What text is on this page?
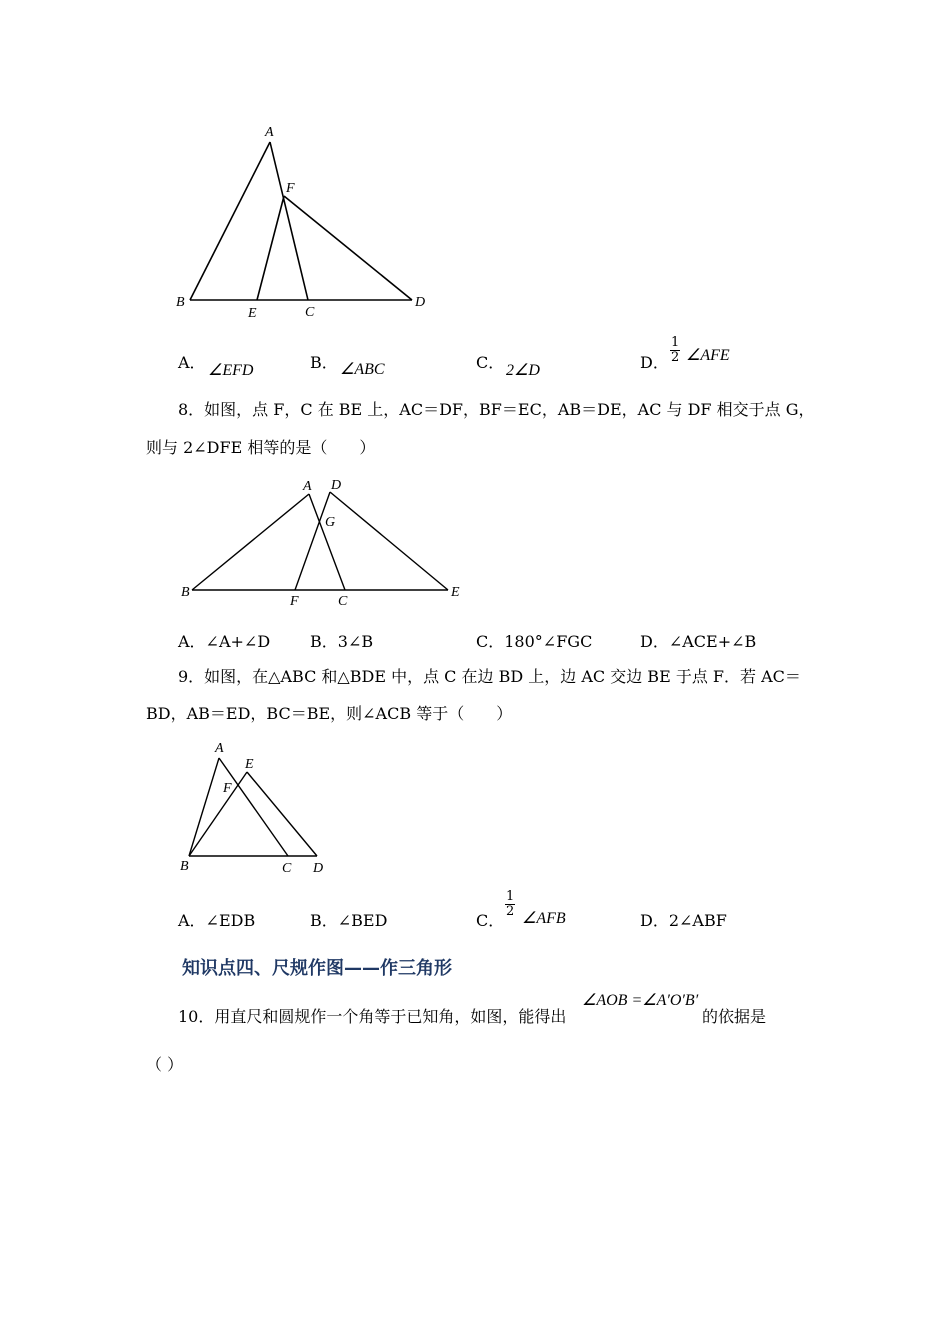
A
F
B
E	C
D
A． ∠EFD	B． ∠ABC	C． 2∠D	D． $\frac{1}{2}$ ∠AFE
8．如图，点 F，C 在 BE 上，AC＝DF，BF＝EC，AB＝DE，AC 与 DF 相交于点 G，
则与 2∠DFE 相等的是（　　）
A D
G
B
F	C
E
A．∠A+∠D B．3∠B	C．180°∠FGC	D．∠ACE+∠B
9．如图，在△ABC 和△BDE 中，点 C 在边 BD 上，边 AC 交边 BE 于点 F．若 AC＝
BD，AB＝ED，BC＝BE，则∠ACB 等于（　　）
A
E
F
B	C D
A．∠EDB	B．∠BED	C．
$\frac{1}{2}$
∠AFB	D．2∠ABF
知识点四、尺规作图——作三角形
10．用直尺和圆规作一个角等于已知角，如图，能得出
∠AOB =∠A′O′B′
的依据是
（ ）
